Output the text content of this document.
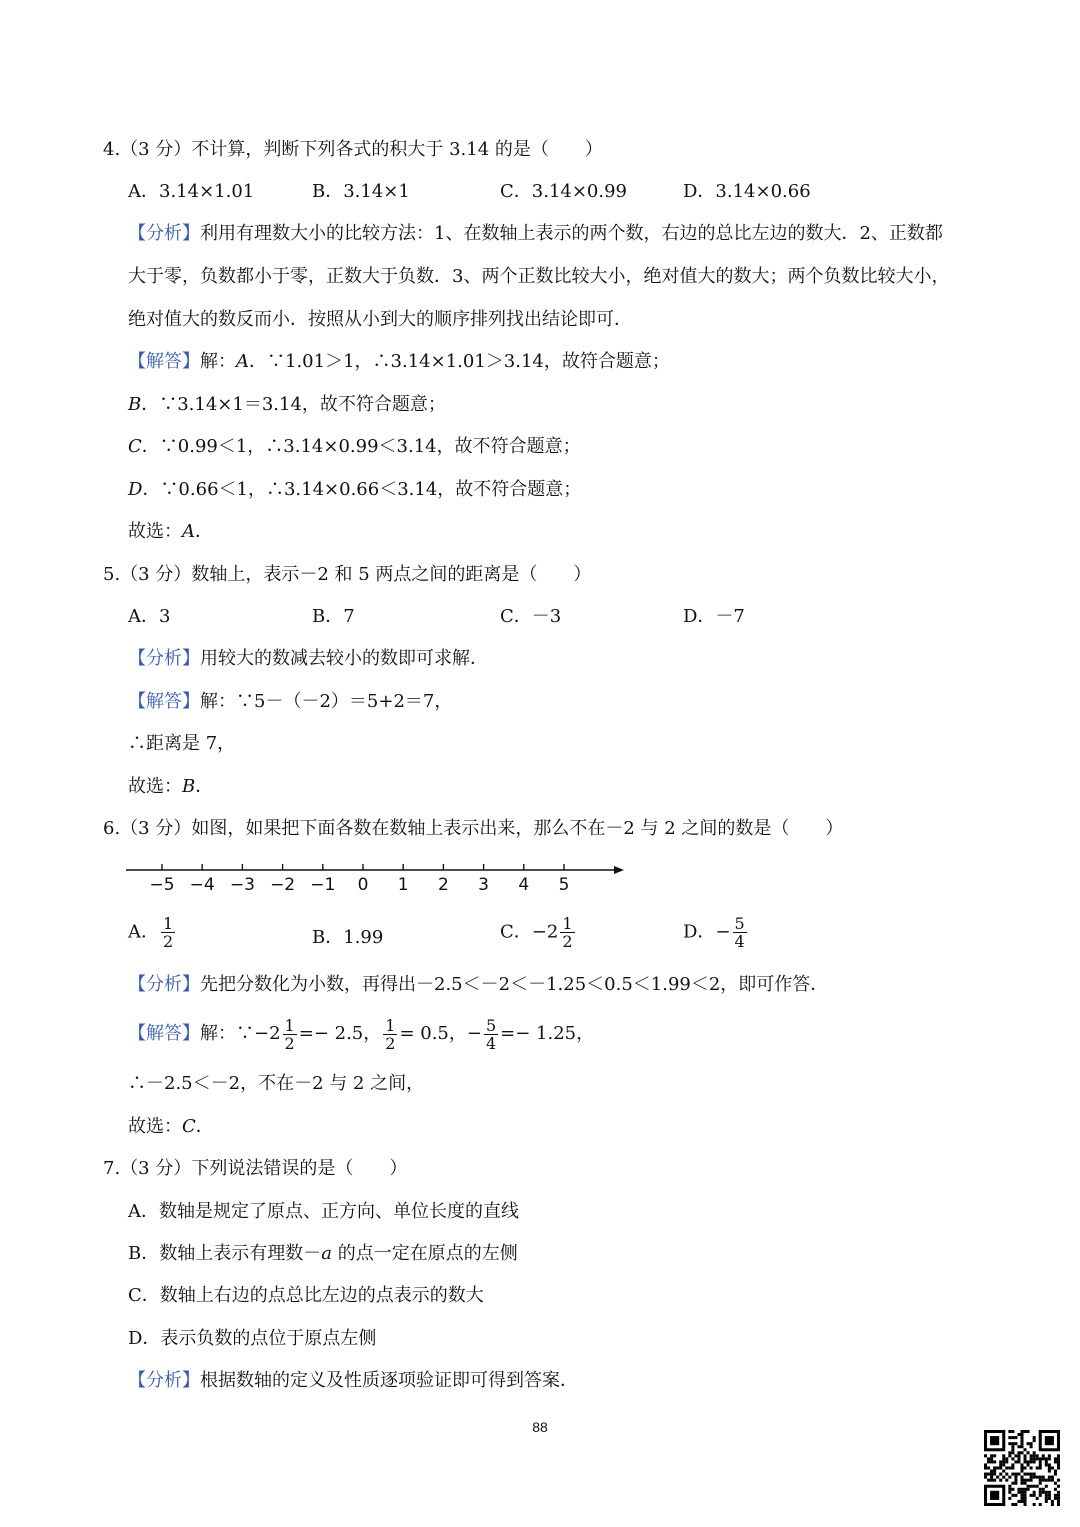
4.（3 分）不计算，判断下列各式的积大于 3.14 的是（　　）
A．3.14×1.01	B．3.14×1	C．3.14×0.99	D．3.14×0.66
【分析】利用有理数大小的比较方法：1、在数轴上表示的两个数，右边的总比左边的数大．2、正数都
大于零，负数都小于零，正数大于负数．3、两个正数比较大小，绝对值大的数大；两个负数比较大小，
绝对值大的数反而小．按照从小到大的顺序排列找出结论即可．
【解答】解：A．∵1.01＞1，∴3.14×1.01＞3.14，故符合题意；
B．∵3.14×1＝3.14，故不符合题意；
C．∵0.99＜1，∴3.14×0.99＜3.14，故不符合题意；
D．∵0.66＜1，∴3.14×0.66＜3.14，故不符合题意；
故选：A．
5.（3 分）数轴上，表示－2 和 5 两点之间的距离是（　　）
A．3	B．7	C．－3	D．－7
【分析】用较大的数减去较小的数即可求解．
【解答】解：∵5－（－2）＝5+2＝7，
∴距离是 7，
故选：B．
6.（3 分）如图，如果把下面各数在数轴上表示出来，那么不在－2 与 2 之间的数是（　　）
−5 −4 −3 −2 −1 0 1 2 3 4 5
A． $\frac{1}{2}$	B．1.99	C．$-2 \frac{1}{2}$	D．− $\frac{5}{4}$
【分析】先把分数化为小数，再得出－2.5＜－2＜－1.25＜0.5＜1.99＜2，即可作答．
【解答】解：∵−2 $\frac{1}{2} =- 2.5$， $\frac{1}{2} = 0.5$，− $\frac{5}{4} =- 1.25$，
∴－2.5＜－2，不在－2 与 2 之间，
故选：C．
7.（3 分）下列说法错误的是（　　）
A．数轴是规定了原点、正方向、单位长度的直线
B．数轴上表示有理数－a 的点一定在原点的左侧
C．数轴上右边的点总比左边的点表示的数大
D．表示负数的点位于原点左侧
【分析】根据数轴的定义及性质逐项验证即可得到答案．
88
